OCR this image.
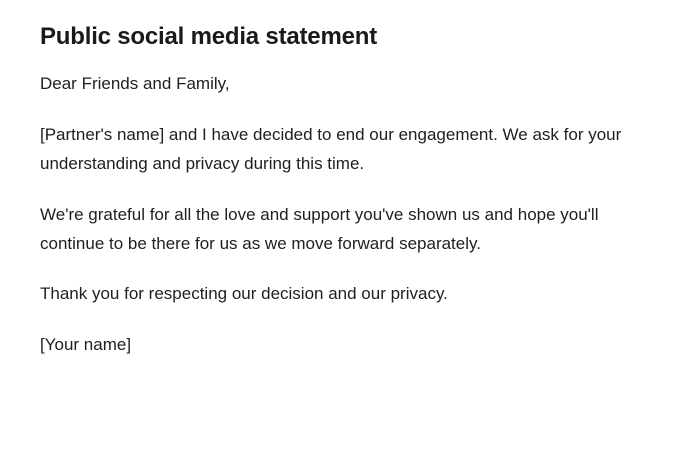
Public social media statement

Dear Friends and Family,

[Partner's name] and I have decided to end our engagement. We ask for your understanding and privacy during this time.

We're grateful for all the love and support you've shown us and hope you'll continue to be there for us as we move forward separately.

Thank you for respecting our decision and our privacy.

[Your name]
